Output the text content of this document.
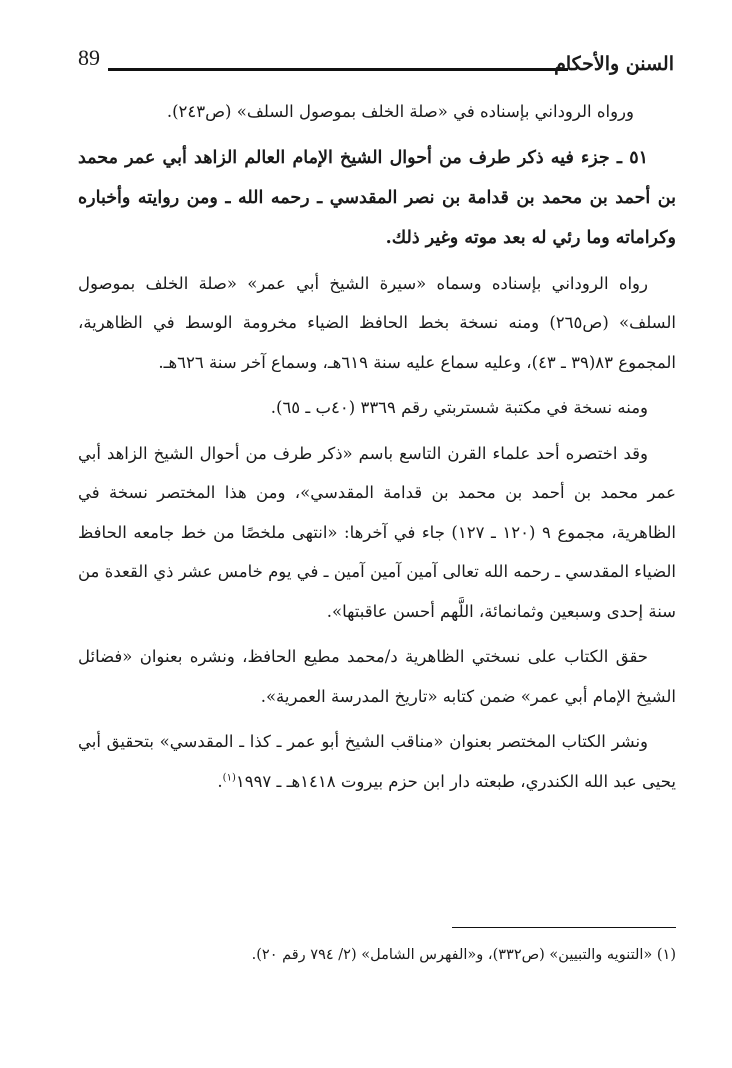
89	السنن والأحكام

ورواه الروداني بإسناده في «صلة الخلف بموصول السلف» (ص٢٤٣).

٥١ ـ جزء فيه ذكر طرف من أحوال الشيخ الإمام العالم الزاهد أبي عمر محمد بن أحمد بن محمد بن قدامة بن نصر المقدسي ـ رحمه الله ـ ومن روايته وأخباره وكراماته وما رئي له بعد موته وغير ذلك.

رواه الروداني بإسناده وسماه «سيرة الشيخ أبي عمر» «صلة الخلف بموصول السلف» (ص٢٦٥) ومنه نسخة بخط الحافظ الضياء مخرومة الوسط في الظاهرية، المجموع ٨٣(٣٩ ـ ٤٣)، وعليه سماع عليه سنة ٦١٩هـ، وسماع آخر سنة ٦٢٦هـ.

ومنه نسخة في مكتبة شستربتي رقم ٣٣٦٩ (٤٠ب ـ ٦٥).

وقد اختصره أحد علماء القرن التاسع باسم «ذكر طرف من أحوال الشيخ الزاهد أبي عمر محمد بن أحمد بن محمد بن قدامة المقدسي»، ومن هذا المختصر نسخة في الظاهرية، مجموع ٩ (١٢٠ ـ ١٢٧) جاء في آخرها: «انتهى ملخصًا من خط جامعه الحافظ الضياء المقدسي ـ رحمه الله تعالى آمين آمين آمين ـ في يوم خامس عشر ذي القعدة من سنة إحدى وسبعين وثمانمائة، اللَّهم أحسن عاقبتها».

حقق الكتاب على نسختي الظاهرية د/محمد مطيع الحافظ، ونشره بعنوان «فضائل الشيخ الإمام أبي عمر» ضمن كتابه «تاريخ المدرسة العمرية».

ونشر الكتاب المختصر بعنوان «مناقب الشيخ أبو عمر ـ كذا ـ المقدسي» بتحقيق أبي يحيى عبد الله الكندري، طبعته دار ابن حزم بيروت ١٤١٨هـ ـ ١٩٩٧$^{(١)}$.

(١) «التنويه والتبيين» (ص٣٣٢)، و«الفهرس الشامل» (٢/ ٧٩٤ رقم ٢٠).
